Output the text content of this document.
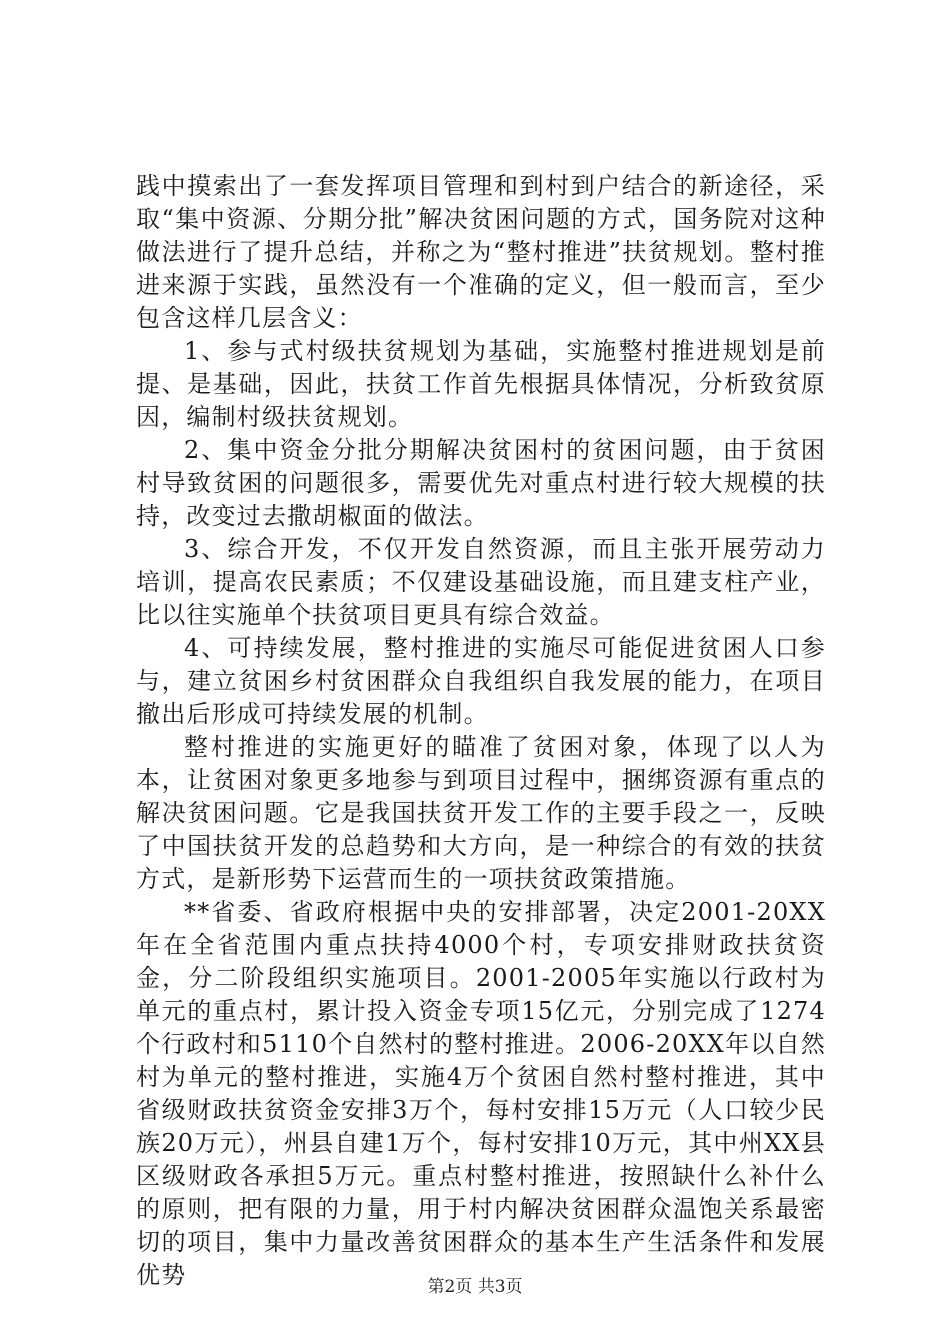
践中摸索出了一套发挥项目管理和到村到户结合的新途径，采取“集中资源、分期分批”解决贫困问题的方式，国务院对这种做法进行了提升总结，并称之为“整村推进”扶贫规划。整村推进来源于实践，虽然没有一个准确的定义，但一般而言，至少包含这样几层含义：

1、参与式村级扶贫规划为基础，实施整村推进规划是前提、是基础，因此，扶贫工作首先根据具体情况，分析致贫原因，编制村级扶贫规划。

2、集中资金分批分期解决贫困村的贫困问题，由于贫困村导致贫困的问题很多，需要优先对重点村进行较大规模的扶持，改变过去撒胡椒面的做法。

3、综合开发，不仅开发自然资源，而且主张开展劳动力培训，提高农民素质；不仅建设基础设施，而且建支柱产业，比以往实施单个扶贫项目更具有综合效益。

4、可持续发展，整村推进的实施尽可能促进贫困人口参与，建立贫困乡村贫困群众自我组织自我发展的能力，在项目撤出后形成可持续发展的机制。

整村推进的实施更好的瞄准了贫困对象，体现了以人为本，让贫困对象更多地参与到项目过程中，捆绑资源有重点的解决贫困问题。它是我国扶贫开发工作的主要手段之一，反映了中国扶贫开发的总趋势和大方向，是一种综合的有效的扶贫方式，是新形势下运营而生的一项扶贫政策措施。

**省委、省政府根据中央的安排部署，决定2001-20XX年在全省范围内重点扶持4000个村，专项安排财政扶贫资金，分二阶段组织实施项目。2001-2005年实施以行政村为单元的重点村，累计投入资金专项15亿元，分别完成了1274个行政村和5110个自然村的整村推进。2006-20XX年以自然村为单元的整村推进，实施4万个贫困自然村整村推进，其中省级财政扶贫资金安排3万个，每村安排15万元（人口较少民族20万元），州县自建1万个，每村安排10万元，其中州XX县区级财政各承担5万元。重点村整村推进，按照缺什么补什么的原则，把有限的力量，用于村内解决贫困群众温饱关系最密切的项目，集中力量改善贫困群众的基本生产生活条件和发展优势	第2页 共3页
